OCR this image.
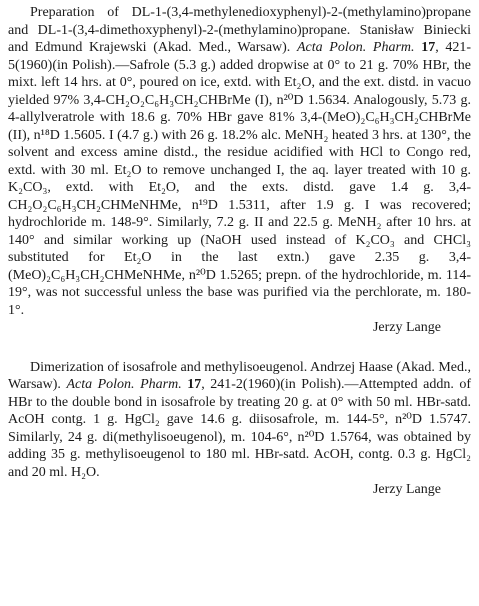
Preparation of DL-1-(3,4-methylenedioxyphenyl)-2-(methylamino)propane and DL-1-(3,4-dimethoxyphenyl)-2-(methylamino)propane. Stanisław Biniecki and Edmund Krajewski (Akad. Med., Warsaw). Acta Polon. Pharm. 17, 421-5(1960)(in Polish).—Safrole (5.3 g.) added dropwise at 0° to 21 g. 70% HBr, the mixt. left 14 hrs. at 0°, poured on ice, extd. with Et₂O, and the ext. distd. in vacuo yielded 97% 3,4-CH₂O₂C₆H₃CH₂CHBrMe (I), n²⁰D 1.5634. Analogously, 5.73 g. 4-allylveratrole with 18.6 g. 70% HBr gave 81% 3,4-(MeO)₂C₆H₃CH₂CHBrMe (II), n¹⁸D 1.5605. I (4.7 g.) with 26 g. 18.2% alc. MeNH₂ heated 3 hrs. at 130°, the solvent and excess amine distd., the residue acidified with HCl to Congo red, extd. with 30 ml. Et₂O to remove unchanged I, the aq. layer treated with 10 g. K₂CO₃, extd. with Et₂O, and the exts. distd. gave 1.4 g. 3,4-CH₂O₂C₆H₃CH₂CHMeNHMe, n¹⁹D 1.5311, after 1.9 g. I was recovered; hydrochloride m. 148-9°. Similarly, 7.2 g. II and 22.5 g. MeNH₂ after 10 hrs. at 140° and similar working up (NaOH used instead of K₂CO₃ and CHCl₃ substituted for Et₂O in the last extn.) gave 2.35 g. 3,4-(MeO)₂C₆H₃CH₂CHMeNHMe, n²⁰D 1.5265; prepn. of the hydrochloride, m. 114-19°, was not successful unless the base was purified via the perchlorate, m. 180-1°.

Jerzy Lange

Dimerization of isosafrole and methylisoeugenol. Andrzej Haase (Akad. Med., Warsaw). Acta Polon. Pharm. 17, 241-2(1960)(in Polish).—Attempted addn. of HBr to the double bond in isosafrole by treating 20 g. at 0° with 50 ml. HBr-satd. AcOH contg. 1 g. HgCl₂ gave 14.6 g. diisosafrole, m. 144-5°, n²⁰D 1.5747. Similarly, 24 g. di(methylisoeugenol), m. 104-6°, n²⁰D 1.5764, was obtained by adding 35 g. methylisoeugenol to 180 ml. HBr-satd. AcOH, contg. 0.3 g. HgCl₂ and 20 ml. H₂O.

Jerzy Lange
